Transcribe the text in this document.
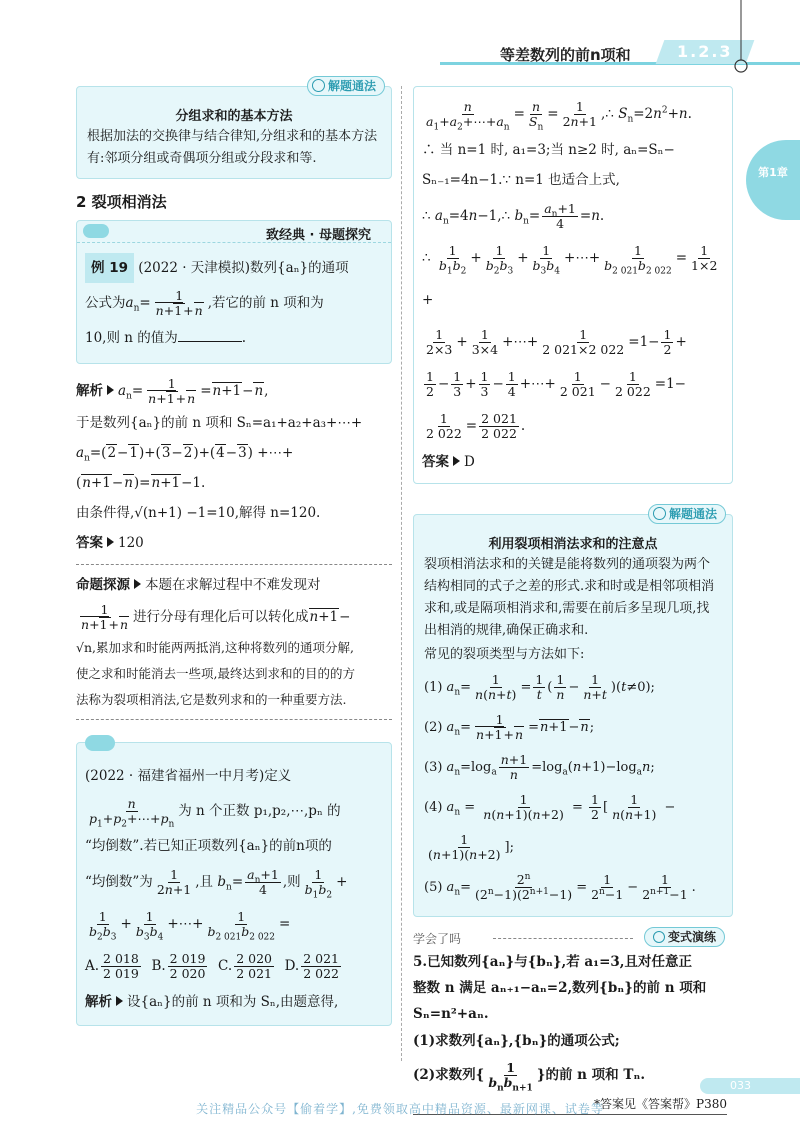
等差数列的前n项和	1.2.3
第1章
解题通法
分组求和的基本方法
根据加法的交换律与结合律知,分组求和的基本方法有:邻项分组或奇偶项分组或分段求和等.
2 裂项相消法
致经典 · 母题探究
例 19 (2022 · 天津模拟)数列{aₙ}的通项
公式为$a_n= \frac{1}{n+1+n}$ ,若它的前 n 项和为
10,则 n 的值为	.
解析 $a_n= \frac{1}{n+1+n} =n+1-n$,
于是数列{aₙ}的前 n 项和 Sₙ=a₁+a₂+a₃+⋯+
$a_n=(2-1)+(3-2)+(4-3)$ +⋯+
(n+1−n)=n+1−1.
由条件得,√(n+1) −1=10,解得 n=120.
答案 120
命题探源 本题在求解过程中不难发现对
$\frac{1}{n+1+n}$ 进行分母有理化后可以转化成n+1−
√n,累加求和时能两两抵消,这种将数列的通项分解,
使之求和时能消去一些项,最终达到求和的目的的方
法称为裂项相消法,它是数列求和的一种重要方法.
(2022 · 福建省福州一中月考)定义
$\frac{n}{p_1+p_2+\cdots+p_n}$ 为 n 个正数 p₁,p₂,⋯,pₙ 的
“均倒数”.若已知正项数列{aₙ}的前n项的
“均倒数”为 $\frac{1}{2n+1}$ ,且 $b_n= \frac{a_n+1}{4}$ ,则 $\frac{1}{b_1b_2}$ +
$\frac{1}{b_2b_3} + \frac{1}{b_3b_4}$ +⋯+ $\frac{1}{b_{2 021}b_{2 022}}$ =
A. $\frac{2 018}{2 019} B$. $\frac{2 019}{2 020} C$. $\frac{2 020}{2 021} D$. $\frac{2 021}{2 022}$
解析 设{aₙ}的前 n 项和为 Sₙ,由题意得,
$\frac{n}{a_1+a_2+\cdots+a_n} = \frac{n}{S_n} = \frac{1}{2n+1}$ ,∴ $S_n=2n^2+n$.
∴ 当 n=1 时, a₁=3;当 n≥2 时, aₙ=Sₙ−
Sₙ₋₁=4n−1.∵ n=1 也适合上式,
∴ $a_n=4n-1,\therefore$ $b_n= \frac{a_n+1}{4} =n$.
∴ $\frac{1}{b_1b_2} + \frac{1}{b_2b_3} + \frac{1}{b_3b_4}$ +⋯+ $\frac{1}{b_{2 021}b_{2 022}} = \frac{1}{1\times 2}$
+
$\frac{1}{2\times 3} + \frac{1}{3\times 4}$ +⋯+ $\frac{1}{2 021\times 2 022} =1- \frac{1}{2}$ +
$\frac{1}{2} - \frac{1}{3} + \frac{1}{3} - \frac{1}{4}$ +⋯+ $\frac{1}{2 021} - \frac{1}{2 022} =1-$
$\frac{1}{2 022} = \frac{2 021}{2 022}$ .
答案 D
解题通法
利用裂项相消法求和的注意点
裂项相消法求和的关键是能将数列的通项裂为两个结构相同的式子之差的形式.求和时或是相邻项相消求和,或是隔项相消求和,需要在前后多呈现几项,找出相消的规律,确保正确求和.
常见的裂项类型与方法如下:
(1) $a_n= \frac{1}{n(n+t)} = \frac{1}{t}$ ( $\frac{1}{n} - \frac{1}{n+t} )(t\ne 0)$;
(2) $a_n= \frac{1}{n+1+n} =n+1-n$;
(3) $a_n=\log_a \frac{n+1}{n} =\log_a(n+1)-\log_an$;
(4) $a_n = \frac{1}{n(n+1)(n+2)} = \frac{1}{2}$ [ $\frac{1}{n(n+1)}$ −
$\frac{1}{(n+1)(n+2)}$ ];
(5) $a_n= \frac{2^n}{(2^n-1)(2^{n+1}-1)} = \frac{1}{2^n-1} - \frac{1}{2^{n+1}-1}$ .
学会了吗	变式演练
5.已知数列{aₙ}与{bₙ},若 a₁=3,且对任意正
整数 n 满足 aₙ₊₁−aₙ=2,数列{bₙ}的前 n 项和
Sₙ=n²+aₙ.
(1)求数列{aₙ},{bₙ}的通项公式;
(2)求数列{ $\frac{1}{b_nb_{n+1}}$ }的前 n 项和 Tₙ.
*答案见《答案帮》P380
033
关注精品公众号【偷着学】,免费领取高中精品资源、最新网课、试卷等
